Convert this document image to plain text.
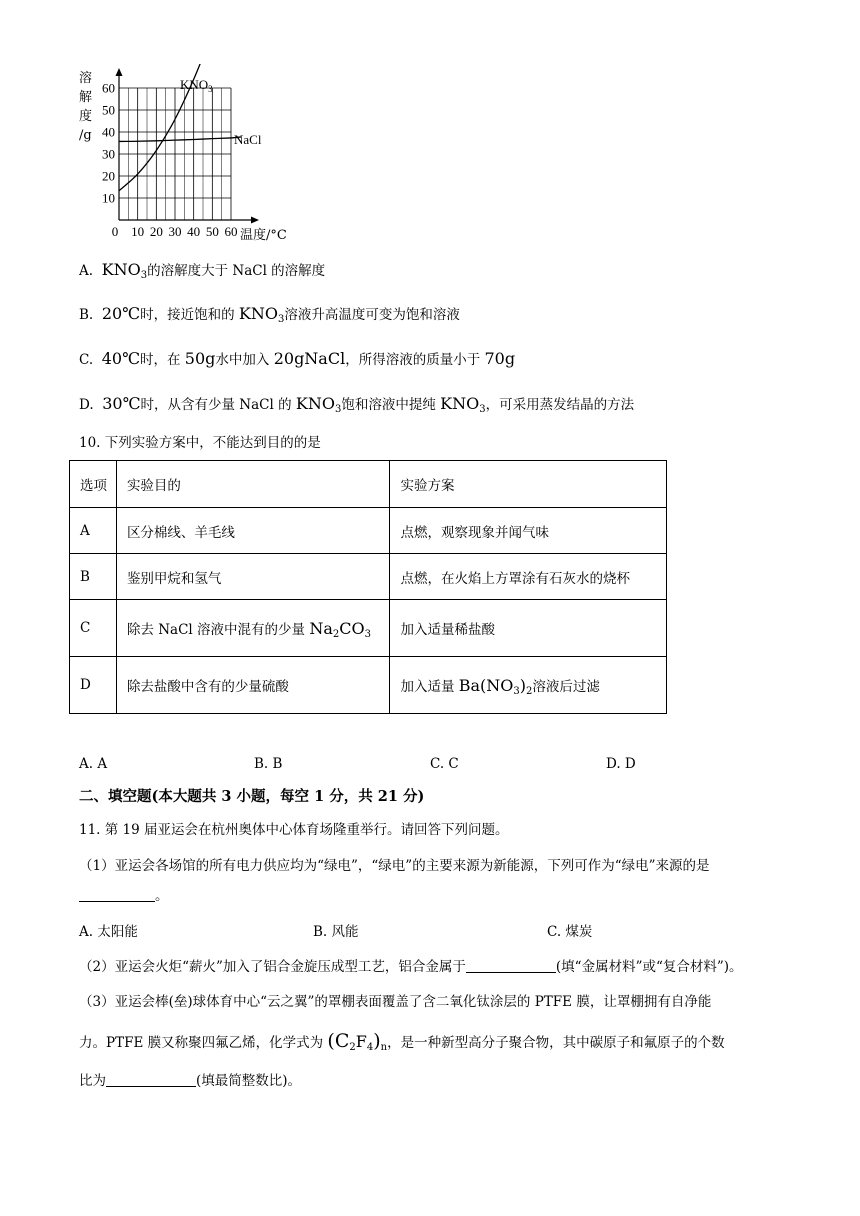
10
20
30
40
50
60
0 10 20 30 40 50 60
溶
解
度
/g
温度/°C
$KNO_3$
NaCl
A. $KNO_3$的溶解度大于 NaCl 的溶解度
B. 20℃时，接近饱和的 $KNO_3$溶液升高温度可变为饱和溶液
C. 40℃时，在 50g水中加入 20gNaCl，所得溶液的质量小于 70g
D. 30℃时，从含有少量 NaCl 的 $KNO_3$饱和溶液中提纯 $KNO_3$，可采用蒸发结晶的方法
10. 下列实验方案中，不能达到目的的是
选项	实验目的	实验方案
A	区分棉线、羊毛线	点燃，观察现象并闻气味
B	鉴别甲烷和氢气	点燃，在火焰上方罩涂有石灰水的烧杯
C	除去 NaCl 溶液中混有的少量 $Na_2CO_3$	加入适量稀盐酸
D	除去盐酸中含有的少量硫酸	加入适量 $Ba(NO_3)_2$溶液后过滤
A. A	B. B	C. C	D. D
二、填空题(本大题共 3 小题，每空 1 分，共 21 分)
11. 第 19 届亚运会在杭州奥体中心体育场隆重举行。请回答下列问题。
（1）亚运会各场馆的所有电力供应均为“绿电”，“绿电”的主要来源为新能源，下列可作为“绿电”来源的是
。
A. 太阳能	B. 风能	C. 煤炭
（2）亚运会火炬“薪火”加入了铝合金旋压成型工艺，铝合金属于	(填“金属材料”或“复合材料”)。
（3）亚运会棒(垒)球体育中心“云之翼”的罩棚表面覆盖了含二氧化钛涂层的 PTFE 膜，让罩棚拥有自净能
力。PTFE 膜又称聚四氟乙烯，化学式为 $(C_2F_4)_n$，是一种新型高分子聚合物，其中碳原子和氟原子的个数
比为	(填最简整数比)。
